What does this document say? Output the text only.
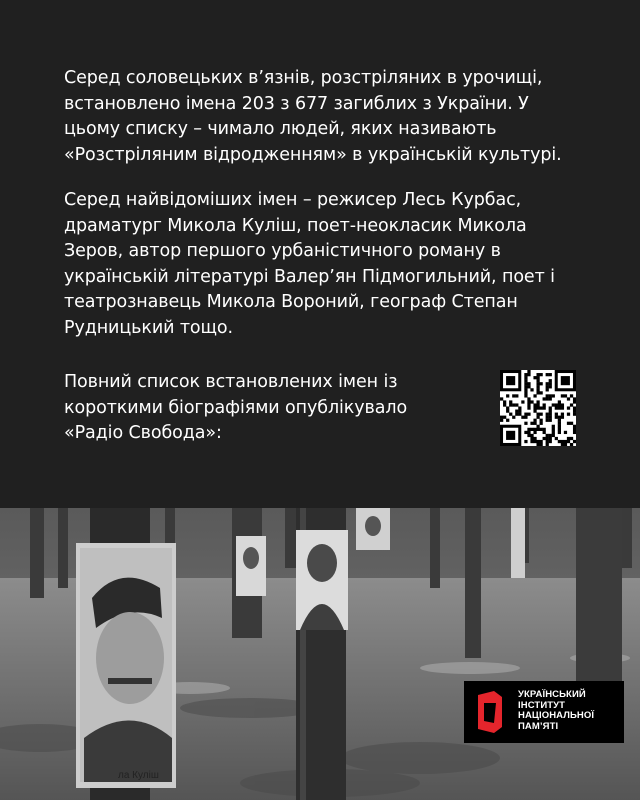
Серед соловецьких в’язнів, розстріляних в урочищі,
встановлено імена 203 з 677 загиблих з України. У
цьому списку – чимало людей, яких називають
«Розстріляним відродженням» в українській культурі.

Серед найвідоміших імен – режисер Лесь Курбас,
драматург Микола Куліш, поет-неокласик Микола
Зеров, автор першого урбаністичного роману в
українській літературі Валер’ян Підмогильний, поет і
театрознавець Микола Вороний, географ Степан
Рудницький тощо.

Повний список встановлених імен із
короткими біографіями опублікувало
«Радіо Свобода»:

ла Куліш
УКРАЇНСЬКИЙ
ІНСТИТУТ
НАЦІОНАЛЬНОЇ
ПАМ’ЯТІ
